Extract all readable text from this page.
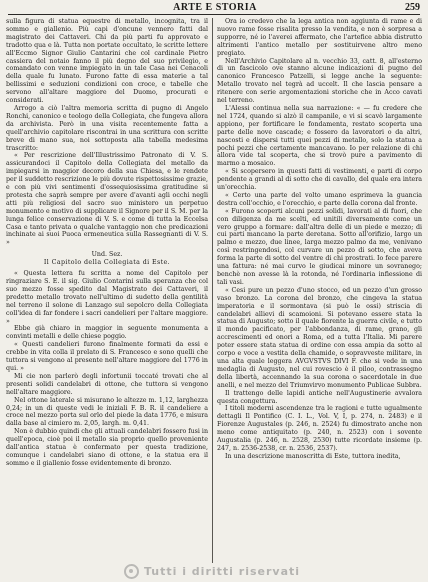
ARTE E STORIA	259

sulla figura di statua equestre di metallo, incognita, tra il sommo e giallenio. Più capi d'oncune vennero fatti dal magistrato dei Cattaveri. Chi da più parti fu approvato e tradotto qua e là. Tutta non portate occultato, le scritte lettere all'Eccmo Signor Giulio Cantarini che col cardinale Pietro cassiera del notaio fanno il più degno del suo privilegio, e comandato con venne impiegato in un tale Casa nei Cenacoli della quale fu lunato. Furono fatte di essa materie a tal bellissimi e seduzioni condizioni con croce, e tabelle che servono all'altare maggiore del Duomo, procurati e considerati.

Arrogo a ciò l'altra memoria scritta di pugno di Angelo Ronchi, canonico e teologo della Collegiata, che fungeva allora da archivista. Però in una visita recentemente fatta a quell'archivio capitolare riscontrai in una scrittura con scritte breve di mano sua, noi sottoposta alla tabella medesima trascritto:

« Per rescrizione dell'Illustrissimo Patronato di V. S. assicurandoci il Capitolo della Collegiata del metallo da impiegarsi in maggior decoro della sua Chiesa, e le rendete per il suddetto rescrizione le più dovute rispettosissime grazie, e con più vivi sentimenti d'ossequiosissima gratitudine si protesta che saprà sempre per avere d'avanti agli occhi negli atti più religiosi del sacro suo ministero un perpetuo monumento e motivo di supplicare il Signore per il S. M. per la lunga felice conservazione di V. S. e come di tutta la Eccelsa Casa e tanto privata o qualche vantaggio non che predicazioni inchinate ai suoi Puoca ermeneutica sulla Rassegnanti di V. S. »

Und. Sez.

Il Capitolo della Collegiata di Este.

« Questa lettera fu scritta a nome del Capitolo per ringraziare S. E. il sig. Giulio Contarini sulla speranza che col suo mezzo fosse spedito dal Magistrato dei Cattaveri, il predetto metallo trovato nell'ultimo di sudetto della gentilità nel terreno il solone di Lanzago sul sepolcro della Collegiata coll'idea di far fondere i sacri candelieri per l'altare maggiore. »

Ebbe già chiaro in maggior in seguente monumenta a convinti metalli e delle chiese poggio.

« Questi candelieri furono finalmente formati da essi e crebbe in vita colla il prelato di S. Francesco e sono quelli che tuttora si vengono al presente nell'altare maggiore del 1776 in qui. »

Mi cie non parlerò degli infortunii toccaté trovati che al presenti solidi candelabri di ottone, che tuttora si vengono nell'altare maggiore.

Nel ottone laterale si misurano le altezze m. 1,12, larghezza 0,24; in un di queste vedi le iniziali F. B. R. il candeliere a croce nel mezzo porta sul orlo del piede la data 1776, e misura dalla base al cimiero m. 2,05, largh. m. 0,41.

Non è dubbio quindi che gli attuali candelabri fossero fusi in quell'epoca, cioè poi il metallo sia proprio quello proveniente dall'antica statua è confermato per questa tradizione, comunque i candelabri siano di ottone, e la statua era il sommo e il giallenio fosse evidentemente di bronzo.

Ora io credevo che la lega antica non aggiunta di rame e di nuovo rame fosse risalita presso la vendita, e non è sorpresa a supporre, né io l'averei affermato, che l'artefice abbia distrutto altrimenti l'antico metallo per sostituirvene altro meno pregiato.

Nell'Archivio Capitolare al n. vecchio 33, catt. 8, all'esterno di un fascicolo ove stanno alcune indicazioni di pugno del canonico Francesco Patzelli, si legge anche la seguente: Metallo trovato nel tegrà ad uccelt. Il che lascia pensare a ritenere con serie argomentazioni storiche che in Acco cavati nel terreno.

L'Alessi continua nella sua narrazione: « — fu credere che nel 1724, quando si alzò il campanile, e vi si scavò largamente appiono, per fortificare le fondamenta, restato scoperta una parte delle nove cascade; e fossero da lavoratori o da altri, nascosti e dispersi tutti quei pezzi di metallo, solo la statua a pochi pezzi che certamente mancavano. Io per relazione di chi allora vide tal scoperta, che si trovò pure a pavimento di marmo a mosaico.

« Si scopersero in questi fatti di vestimenti, e parti di corpo pendente a grandi al di sotto che di cavallo, del quale era intera un'orecchia.

« Certo una parte del volto umano esprimeva la guancia destra coll'occhio, e l'orecchio, e parte della corona dal fronte.

« Furono scoperti alcuni pezzi solidi, lavorati al di fuori, che con diligenza da me scelti, ed unitili diversamente come un vero gruppo a formare: dall'altra delle di un piede e mezzo; di cui parti mancano la parte deretana. Sotto all'orifizio, largo un palmo e mezzo, due linee, larga mezzo palmo da me, venivano così restringendosi, col curvare un pezzo di sotto, che aveva forma la parte di sotto del ventre di chi prostrati. Io fece parere una fattura: né mai curvo le giudicai minore un sovranego; benchè non avesse là la rotonda, né l'ordinaria infiessione di tali vasi.

« Cesi pure un pezzo d'uno stocco, ed un pezzo d'un grosso vaso bronzo. La corona del bronzo, che cingeva la statua imperatoria e il sormontava (si può le ossi) striscia di candelabri allievi di scamoioni. Si potevano essere stata la statua di Augusto; sotto il quale fiorente la guerra civile, e tutto il mondo pacificato, per l'abbondanza, di rame, grano, gli accrescimenti ed onori a Roma, ed a tutta l'Italia. Mi parere poter essere stata statua di ordine con essa ampia da sotto al corpo e voce a vestita della chamide, o sopravveste militare, in una alta quale leggera AVGVSTVS DIVI F. che si vede in una medaglia di Augusto, nel cui rovescio è il piloo, contrassegno della libertà, accennando la sua corona o sacerdotale in due anelli, e nel mezzo del Triumvirvo monumento Publicae Subbra.

Il trattengo delle lapidi antiche nell'Augustinerie avvalora questa congettura.

I titoli moderni ascendenze tra le ragioni e tutte ugualmente dettagli Il Pontifico (C. I. L., Vol. V, I, p. 274, n. 2483) e il Fiorenze Augustales (p. 246, n. 2524) fu dimostrato anche non meno come antiquitato (p. 240, n. 2523) con i sovente Augustalia (p. 246, n. 2528, 2530) tutte ricordate insieme (p. 247, n. 2536-2538, cr. n. 2536, 2537).

In una descrizione manoscritta di Este, tuttora inedita,

Tutti i diritti riservati
